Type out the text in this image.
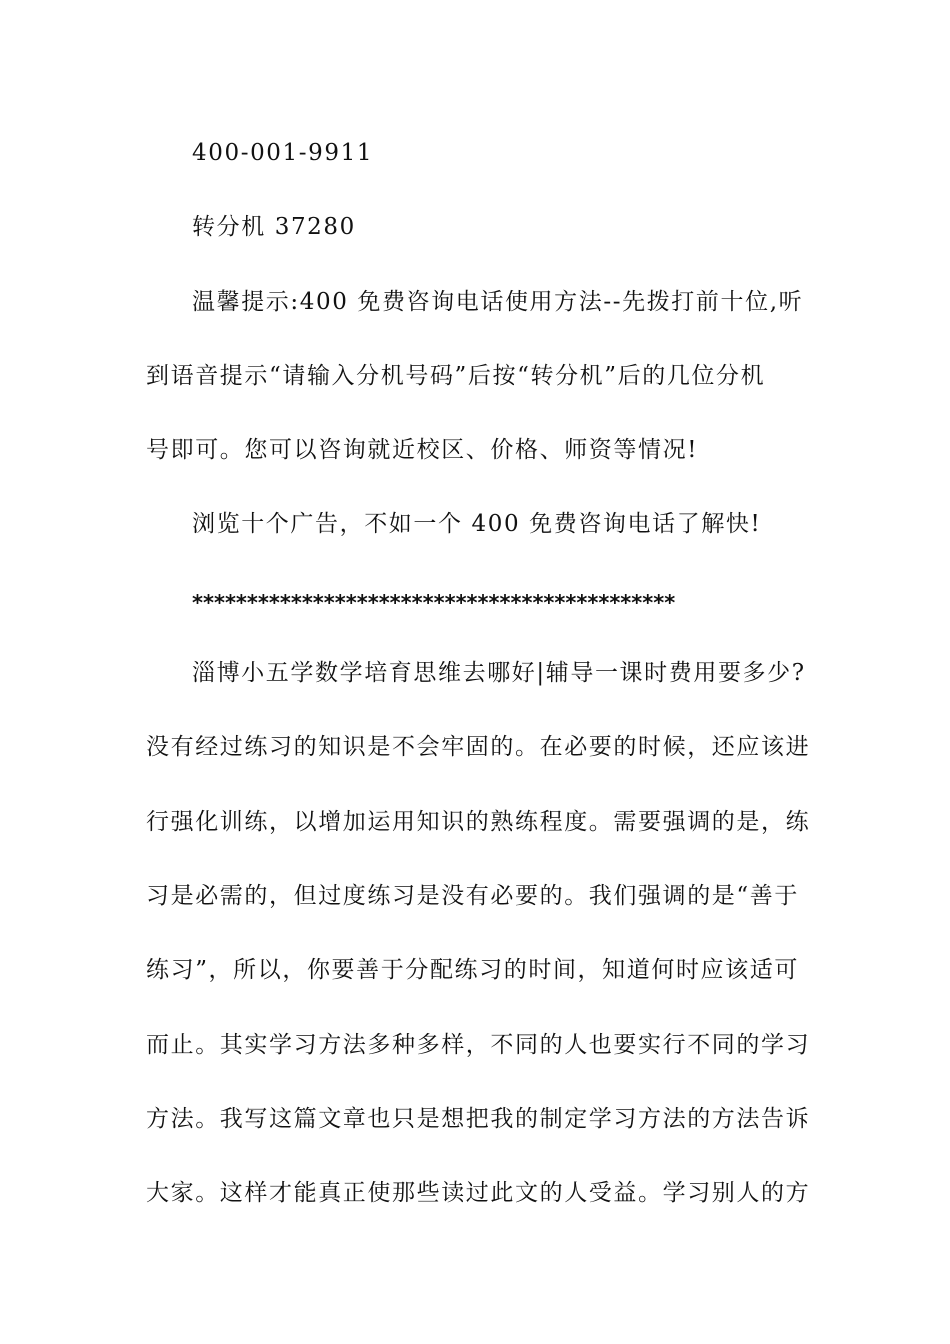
400-001-9911
转分机 37280
温馨提示:400 免费咨询电话使用方法--先拨打前十位,听
到语音提示“请输入分机号码”后按“转分机”后的几位分机
号即可。您可以咨询就近校区、价格、师资等情况!
浏览十个广告，不如一个 400 免费咨询电话了解快!
********************************************
淄博小五学数学培育思维去哪好|辅导一课时费用要多少?
没有经过练习的知识是不会牢固的。在必要的时候，还应该进
行强化训练，以增加运用知识的熟练程度。需要强调的是，练
习是必需的，但过度练习是没有必要的。我们强调的是“善于
练习”，所以，你要善于分配练习的时间，知道何时应该适可
而止。其实学习方法多种多样，不同的人也要实行不同的学习
方法。我写这篇文章也只是想把我的制定学习方法的方法告诉
大家。这样才能真正使那些读过此文的人受益。学习别人的方
